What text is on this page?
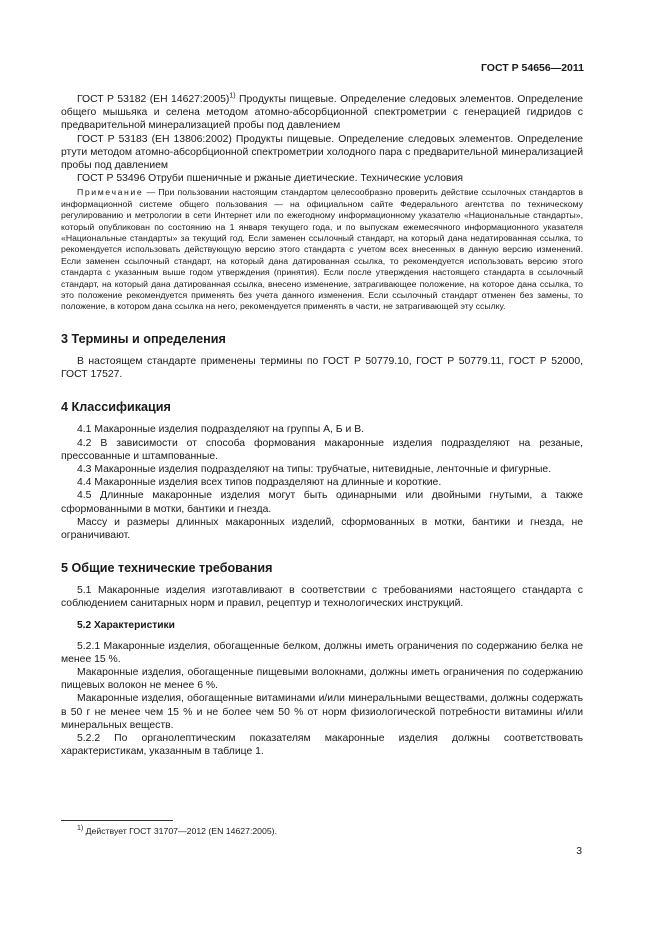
ГОСТ Р 54656—2011

ГОСТ Р 53182 (ЕН 14627:2005)$^{1)}$ Продукты пищевые. Определение следовых элементов. Определение общего мышьяка и селена методом атомно-абсорбционной спектрометрии с генерацией гидридов с предварительной минерализацией пробы под давлением

ГОСТ Р 53183 (ЕН 13806:2002) Продукты пищевые. Определение следовых элементов. Определение ртути методом атомно-абсорбционной спектрометрии холодного пара с предварительной минерализацией пробы под давлением

ГОСТ Р 53496 Отруби пшеничные и ржаные диетические. Технические условия

Примечание — При пользовании настоящим стандартом целесообразно проверить действие ссылочных стандартов в информационной системе общего пользования — на официальном сайте Федерального агентства по техническому регулированию и метрологии в сети Интернет или по ежегодному информационному указателю «Национальные стандарты», который опубликован по состоянию на 1 января текущего года, и по выпускам ежемесячного информационного указателя «Национальные стандарты» за текущий год. Если заменен ссылочный стандарт, на который дана недатированная ссылка, то рекомендуется использовать действующую версию этого стандарта с учетом всех внесенных в данную версию изменений. Если заменен ссылочный стандарт, на который дана датированная ссылка, то рекомендуется использовать версию этого стандарта с указанным выше годом утверждения (принятия). Если после утверждения настоящего стандарта в ссылочный стандарт, на который дана датированная ссылка, внесено изменение, затрагивающее положение, на которое дана ссылка, то это положение рекомендуется применять без учета данного изменения. Если ссылочный стандарт отменен без замены, то положение, в котором дана ссылка на него, рекомендуется применять в части, не затрагивающей эту ссылку.

3 Термины и определения

В настоящем стандарте применены термины по ГОСТ Р 50779.10, ГОСТ Р 50779.11, ГОСТ Р 52000, ГОСТ 17527.

4 Классификация

4.1 Макаронные изделия подразделяют на группы А, Б и В.

4.2 В зависимости от способа формования макаронные изделия подразделяют на резаные, прессованные и штампованные.

4.3 Макаронные изделия подразделяют на типы: трубчатые, нитевидные, ленточные и фигурные.

4.4 Макаронные изделия всех типов подразделяют на длинные и короткие.

4.5 Длинные макаронные изделия могут быть одинарными или двойными гнутыми, а также сформованными в мотки, бантики и гнезда.

Массу и размеры длинных макаронных изделий, сформованных в мотки, бантики и гнезда, не ограничивают.

5 Общие технические требования

5.1 Макаронные изделия изготавливают в соответствии с требованиями настоящего стандарта с соблюдением санитарных норм и правил, рецептур и технологических инструкций.

5.2 Характеристики

5.2.1 Макаронные изделия, обогащенные белком, должны иметь ограничения по содержанию белка не менее 15 %.

Макаронные изделия, обогащенные пищевыми волокнами, должны иметь ограничения по содержанию пищевых волокон не менее 6 %.

Макаронные изделия, обогащенные витаминами и/или минеральными веществами, должны содержать в 50 г не менее чем 15 % и не более чем 50 % от норм физиологической потребности витамины и/или минеральных веществ.

5.2.2 По органолептическим показателям макаронные изделия должны соответствовать характеристикам, указанным в таблице 1.

$^{1)}$ Действует ГОСТ 31707—2012 (EN 14627:2005).
3
